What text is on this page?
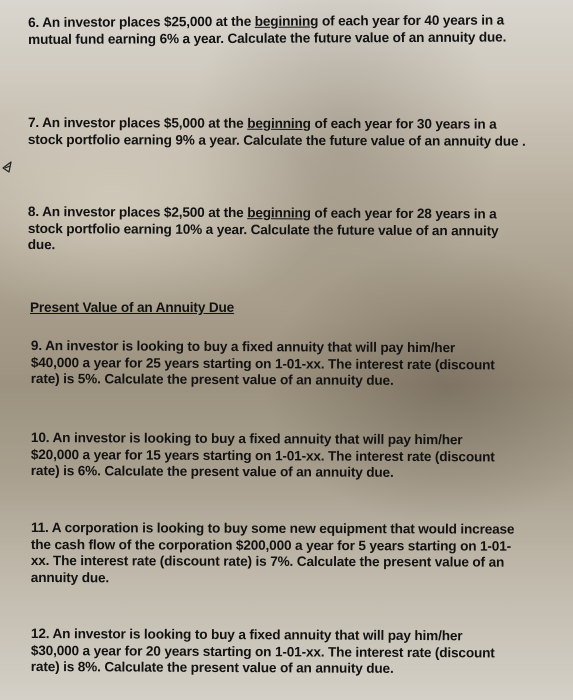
6. An investor places $25,000 at the beginning of each year for 40 years in a mutual fund earning 6% a year. Calculate the future value of an annuity due.

7. An investor places $5,000 at the beginning of each year for 30 years in a stock portfolio earning 9% a year. Calculate the future value of an annuity due .

8. An investor places $2,500 at the beginning of each year for 28 years in a stock portfolio earning 10% a year. Calculate the future value of an annuity due.

Present Value of an Annuity Due

9. An investor is looking to buy a fixed annuity that will pay him/her $40,000 a year for 25 years starting on 1-01-xx. The interest rate (discount rate) is 5%. Calculate the present value of an annuity due.

10. An investor is looking to buy a fixed annuity that will pay him/her $20,000 a year for 15 years starting on 1-01-xx. The interest rate (discount rate) is 6%. Calculate the present value of an annuity due.

11. A corporation is looking to buy some new equipment that would increase the cash flow of the corporation $200,000 a year for 5 years starting on 1-01-xx. The interest rate (discount rate) is 7%. Calculate the present value of an annuity due.

12. An investor is looking to buy a fixed annuity that will pay him/her $30,000 a year for 20 years starting on 1-01-xx. The interest rate (discount rate) is 8%. Calculate the present value of an annuity due.
